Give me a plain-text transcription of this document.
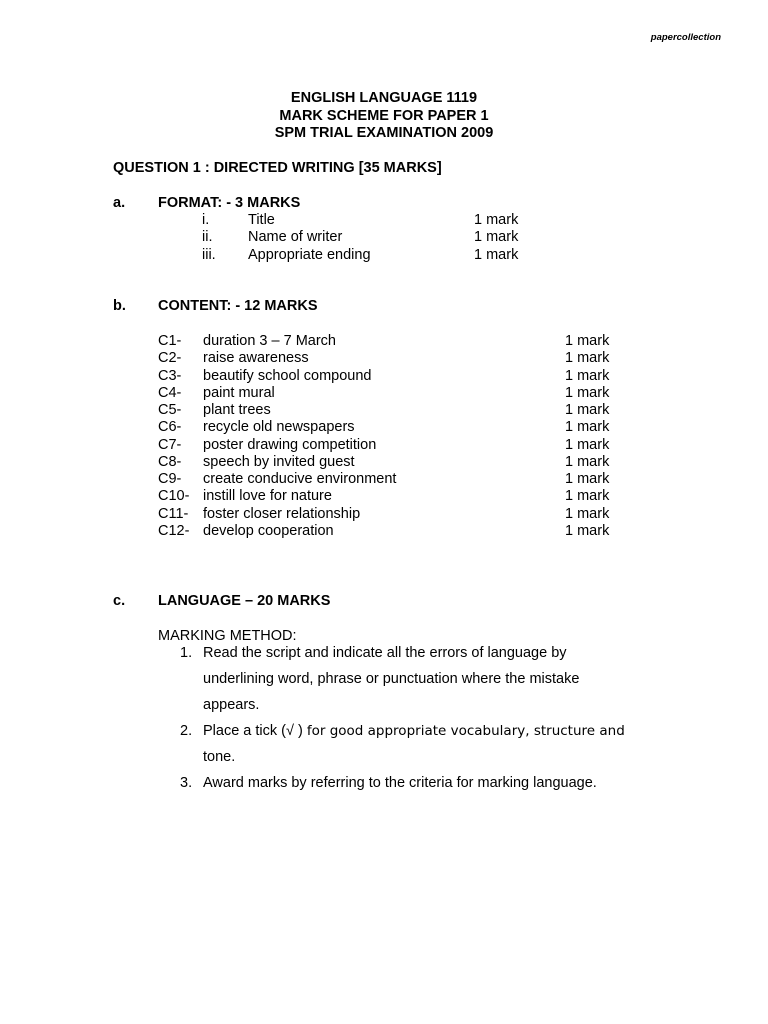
papercollection
ENGLISH LANGUAGE 1119
MARK SCHEME FOR PAPER 1
SPM TRIAL EXAMINATION 2009
QUESTION 1 : DIRECTED WRITING [35 MARKS]
a. FORMAT: - 3 MARKS
i.	Title	1 mark
ii. Name of writer	1 mark
iii. Appropriate ending	1 mark
b. CONTENT: - 12 MARKS
C1- duration 3 – 7 March	1 mark
C2- raise awareness	1 mark
C3- beautify school compound	1 mark
C4- paint mural	1 mark
C5- plant trees	1 mark
C6- recycle old newspapers	1 mark
C7- poster drawing competition	1 mark
C8- speech by invited guest	1 mark
C9- create conducive environment	1 mark
C10- instill love for nature	1 mark
C11- foster closer relationship	1 mark
C12- develop cooperation	1 mark
c. LANGUAGE – 20 MARKS
MARKING METHOD:
1. Read the script and indicate all the errors of language by
underlining word, phrase or punctuation where the mistake
appears.
2. Place a tick (√ ) for good appropriate vocabulary, structure and
tone.
3. Award marks by referring to the criteria for marking language.
